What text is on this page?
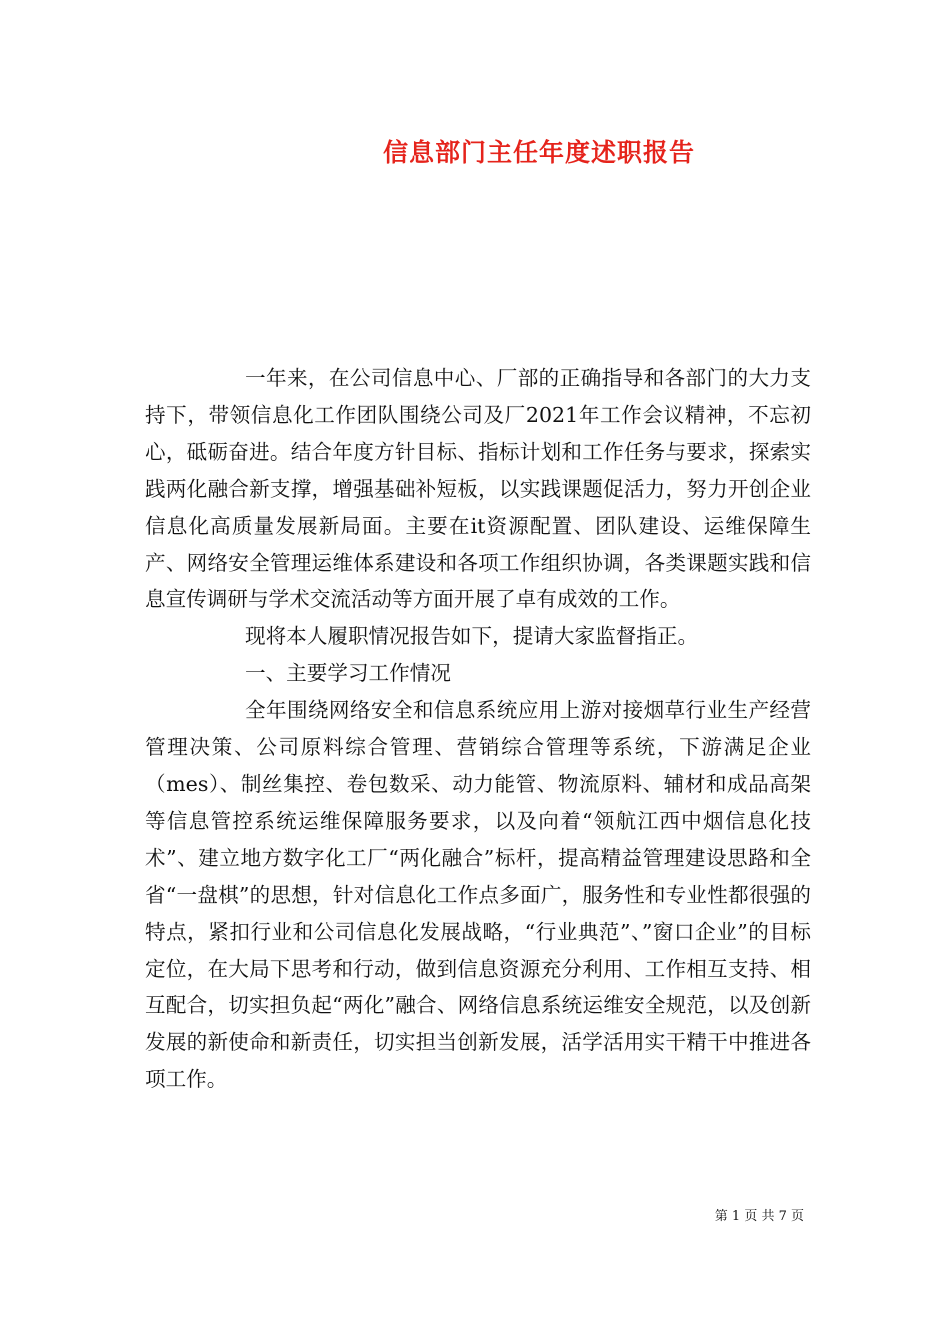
信息部门主任年度述职报告

一年来，在公司信息中心、厂部的正确指导和各部门的大力支持下，带领信息化工作团队围绕公司及厂2021年工作会议精神，不忘初心，砥砺奋进。结合年度方针目标、指标计划和工作任务与要求，探索实践两化融合新支撑，增强基础补短板，以实践课题促活力，努力开创企业信息化高质量发展新局面。主要在it资源配置、团队建设、运维保障生产、网络安全管理运维体系建设和各项工作组织协调，各类课题实践和信息宣传调研与学术交流活动等方面开展了卓有成效的工作。

现将本人履职情况报告如下，提请大家监督指正。

一、主要学习工作情况

全年围绕网络安全和信息系统应用上游对接烟草行业生产经营管理决策、公司原料综合管理、营销综合管理等系统，下游满足企业（mes）、制丝集控、卷包数采、动力能管、物流原料、辅材和成品高架等信息管控系统运维保障服务要求，以及向着“领航江西中烟信息化技术”、建立地方数字化工厂“两化融合”标杆，提高精益管理建设思路和全省“一盘棋”的思想，针对信息化工作点多面广，服务性和专业性都很强的特点，紧扣行业和公司信息化发展战略，“行业典范”、”窗口企业”的目标定位，在大局下思考和行动，做到信息资源充分利用、工作相互支持、相互配合，切实担负起“两化”融合、网络信息系统运维安全规范，以及创新发展的新使命和新责任，切实担当创新发展，活学活用实干精干中推进各项工作。

第 1 页 共 7 页
